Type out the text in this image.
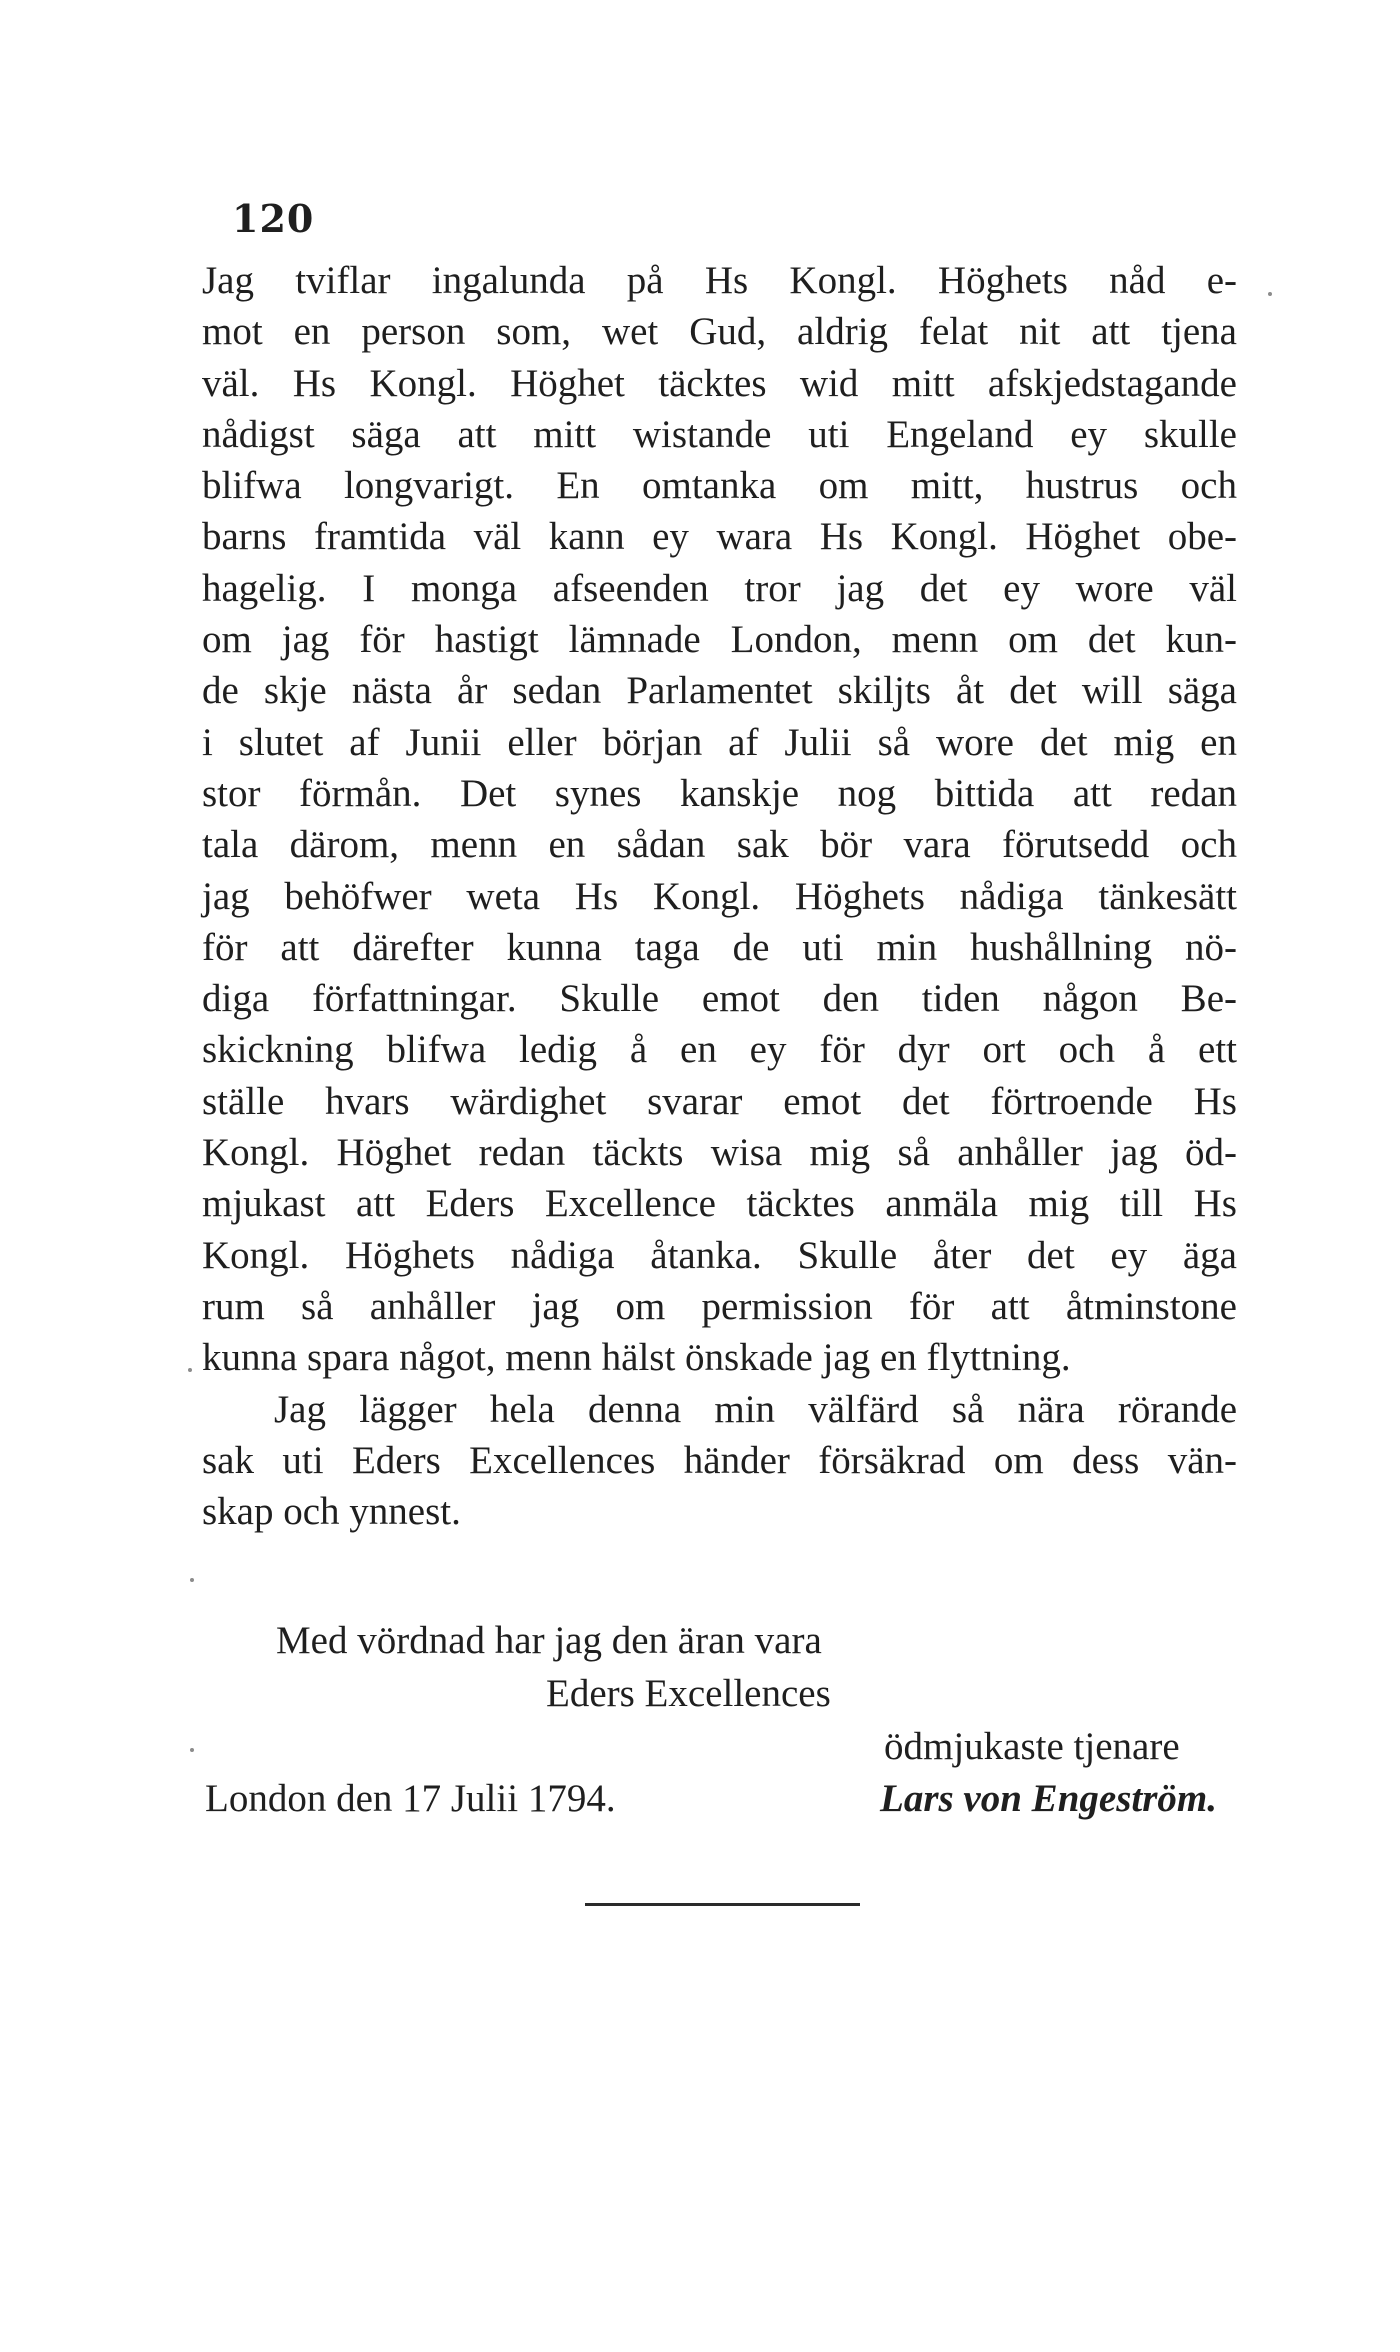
120
Jag tviflar ingalunda på Hs Kongl. Höghets nåd e-
mot en person som, wet Gud, aldrig felat nit att tjena
väl. Hs Kongl. Höghet täcktes wid mitt afskjedstagande
nådigst säga att mitt wistande uti Engeland ey skulle
blifwa longvarigt. En omtanka om mitt, hustrus och
barns framtida väl kann ey wara Hs Kongl. Höghet obe-
hagelig. I monga afseenden tror jag det ey wore väl
om jag för hastigt lämnade London, menn om det kun-
de skje nästa år sedan Parlamentet skiljts åt det will säga
i slutet af Junii eller början af Julii så wore det mig en
stor förmån. Det synes kanskje nog bittida att redan
tala därom, menn en sådan sak bör vara förutsedd och
jag behöfwer weta Hs Kongl. Höghets nådiga tänkesätt
för att därefter kunna taga de uti min hushållning nö-
diga författningar. Skulle emot den tiden någon Be-
skickning blifwa ledig å en ey för dyr ort och å ett
ställe hvars wärdighet svarar emot det förtroende Hs
Kongl. Höghet redan täckts wisa mig så anhåller jag öd-
mjukast att Eders Excellence täcktes anmäla mig till Hs
Kongl. Höghets nådiga åtanka. Skulle åter det ey äga
rum så anhåller jag om permission för att åtminstone
kunna spara något, menn hälst önskade jag en flyttning.
Jag lägger hela denna min välfärd så nära rörande
sak uti Eders Excellences händer försäkrad om dess vän-
skap och ynnest.
Med vördnad har jag den äran vara
Eders Excellences
ödmjukaste tjenare
London den 17 Julii 1794.	Lars von Engeström.
